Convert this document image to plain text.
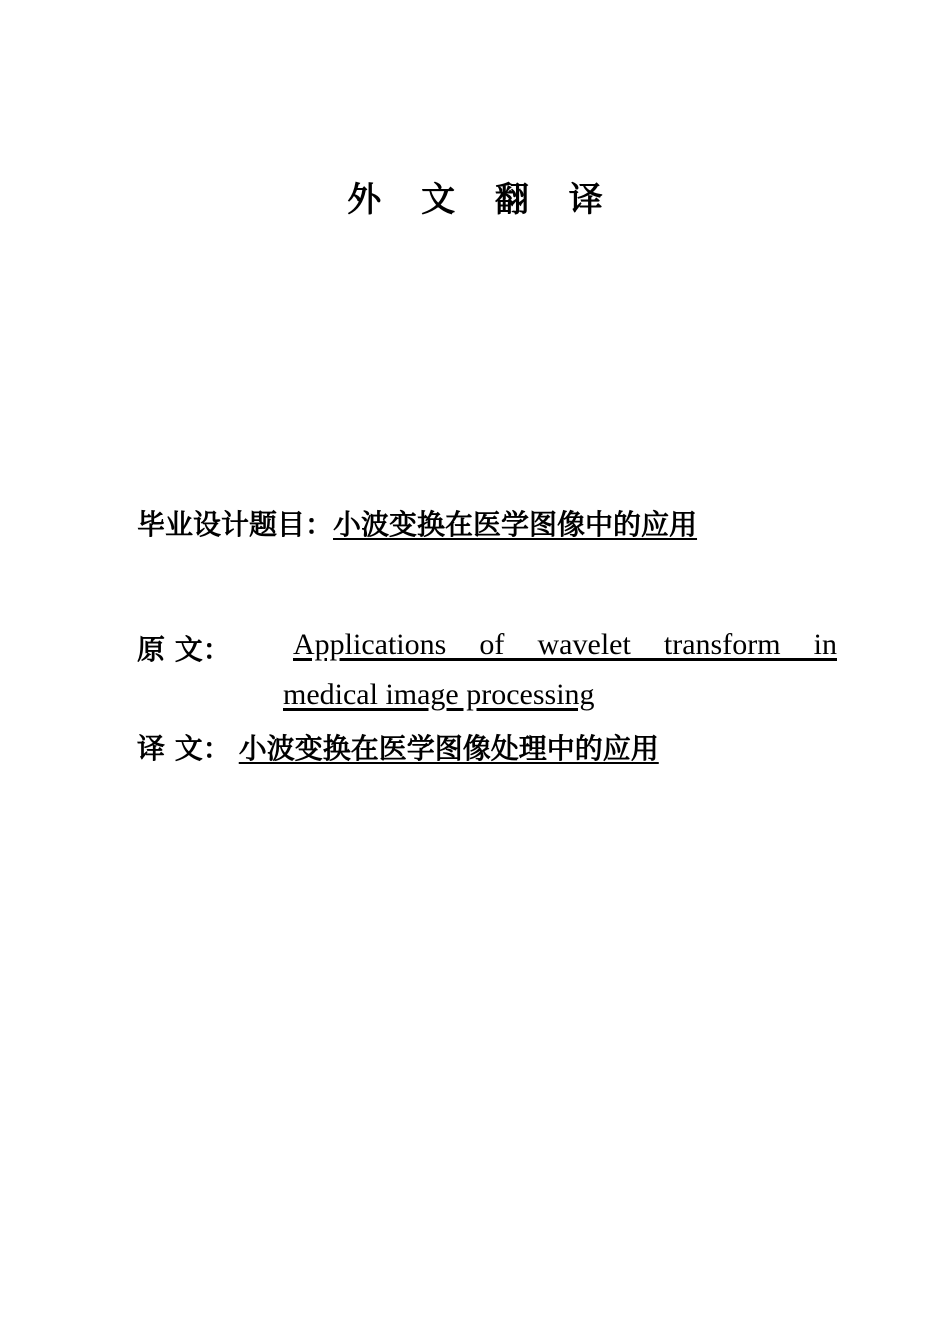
外 文 翻 译
毕业设计题目：小波变换在医学图像中的应用
原 文： Applications of wavelet transform in
medical image processing
译 文： 小波变换在医学图像处理中的应用
